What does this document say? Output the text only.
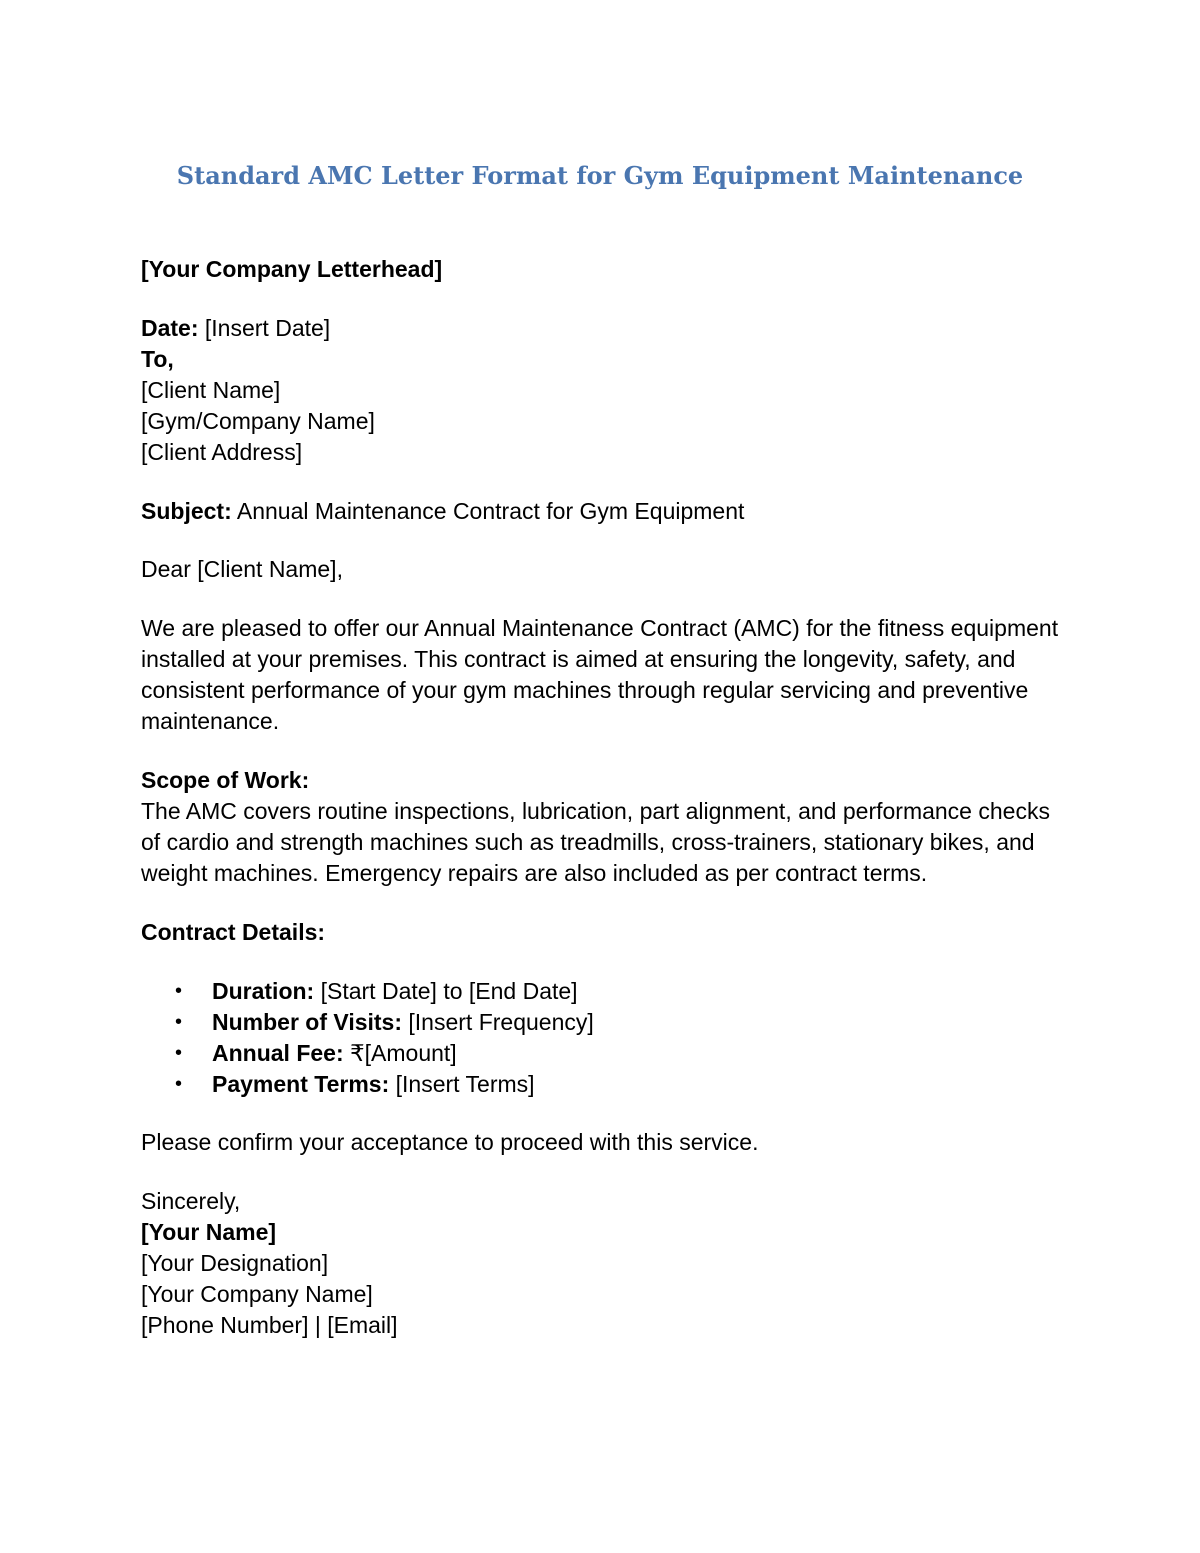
Standard AMC Letter Format for Gym Equipment Maintenance
[Your Company Letterhead]
Date: [Insert Date]
To,
[Client Name]
[Gym/Company Name]
[Client Address]
Subject: Annual Maintenance Contract for Gym Equipment
Dear [Client Name],
We are pleased to offer our Annual Maintenance Contract (AMC) for the fitness equipment installed at your premises. This contract is aimed at ensuring the longevity, safety, and consistent performance of your gym machines through regular servicing and preventive maintenance.
Scope of Work:
The AMC covers routine inspections, lubrication, part alignment, and performance checks of cardio and strength machines such as treadmills, cross-trainers, stationary bikes, and weight machines. Emergency repairs are also included as per contract terms.
Contract Details:
• Duration: [Start Date] to [End Date]
• Number of Visits: [Insert Frequency]
• Annual Fee: ₹[Amount]
• Payment Terms: [Insert Terms]
Please confirm your acceptance to proceed with this service.
Sincerely,
[Your Name]
[Your Designation]
[Your Company Name]
[Phone Number] | [Email]
